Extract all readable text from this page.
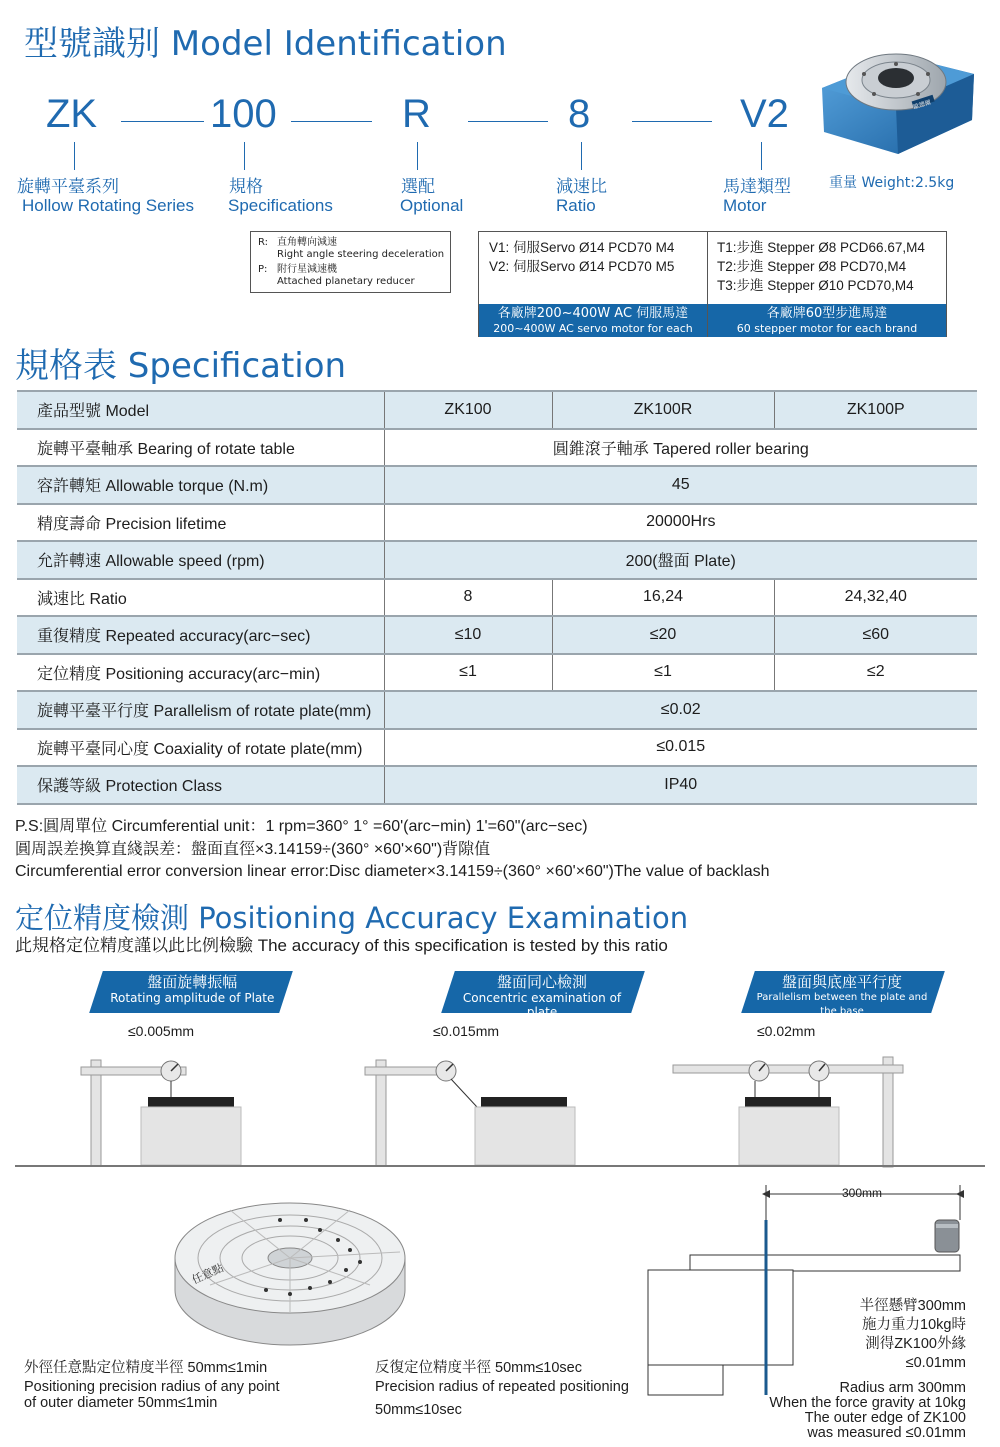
型號識别 Model Identification
歐德爾
ZK	100	R	8	V2
旋轉平臺系列
Hollow Rotating Series
規格
Specifications
選配
Optional
減速比
Ratio
馬達類型
Motor
重量 Weight:2.5kg
R: 直角轉向減速
Right angle steering deceleration
P: 附行星減速機
Attached planetary reducer
V1: 伺服Servo Ø14 PCD70 M4
V2: 伺服Servo Ø14 PCD70 M5
各廠牌200~400W AC 伺服馬達
200~400W AC servo motor for each brand
T1:步進 Stepper Ø8 PCD66.67,M4
T2:步進 Stepper Ø8 PCD70,M4
T3:步進 Stepper Ø10 PCD70,M4
各廠牌60型步進馬達
60 stepper motor for each brand
規格表 Specification
產品型號 Model	ZK100	ZK100R	ZK100P
旋轉平臺軸承 Bearing of rotate table	圓錐滾子軸承 Tapered roller bearing		
容許轉矩 Allowable torque (N.m)	45		
精度壽命 Precision lifetime	20000Hrs		
允許轉速 Allowable speed (rpm)	200(盤面 Plate)		
減速比 Ratio	8	16,24	24,32,40
重復精度 Repeated accuracy(arc−sec)	≤10	≤20	≤60
定位精度 Positioning accuracy(arc−min)	≤1	≤1	≤2
旋轉平臺平行度 Parallelism of rotate plate(mm)	≤0.02		
旋轉平臺同心度 Coaxiality of rotate plate(mm)	≤0.015		
保護等級 Protection Class	IP40		
P.S:圓周單位 Circumferential unit：1 rpm=360° 1° =60'(arc−min) 1'=60"(arc−sec)
圓周誤差換算直綫誤差：盤面直徑×3.14159÷(360° ×60'×60")背隙值
Circumferential error conversion linear error:Disc diameter×3.14159÷(360° ×60'×60")The value of backlash
定位精度檢測 Positioning Accuracy Examination
此規格定位精度謹以此比例檢驗 The accuracy of this specification is tested by this ratio
盤面旋轉振幅
Rotating amplitude of Plate
盤面同心檢測
Concentric examination of plate
盤面與底座平行度
Parallelism between the plate and the base
≤0.005mm	≤0.015mm	≤0.02mm
任意點
300mm
外徑任意點定位精度半徑 50mm≤1min
Positioning precision radius of any point
of outer diameter 50mm≤1min
反復定位精度半徑 50mm≤10sec
Precision radius of repeated positioning
50mm≤10sec
半徑懸臂300mm
施力重力10kg時
測得ZK100外緣
≤0.01mm
Radius arm 300mm
When the force gravity at 10kg
The outer edge of ZK100
was measured ≤0.01mm
